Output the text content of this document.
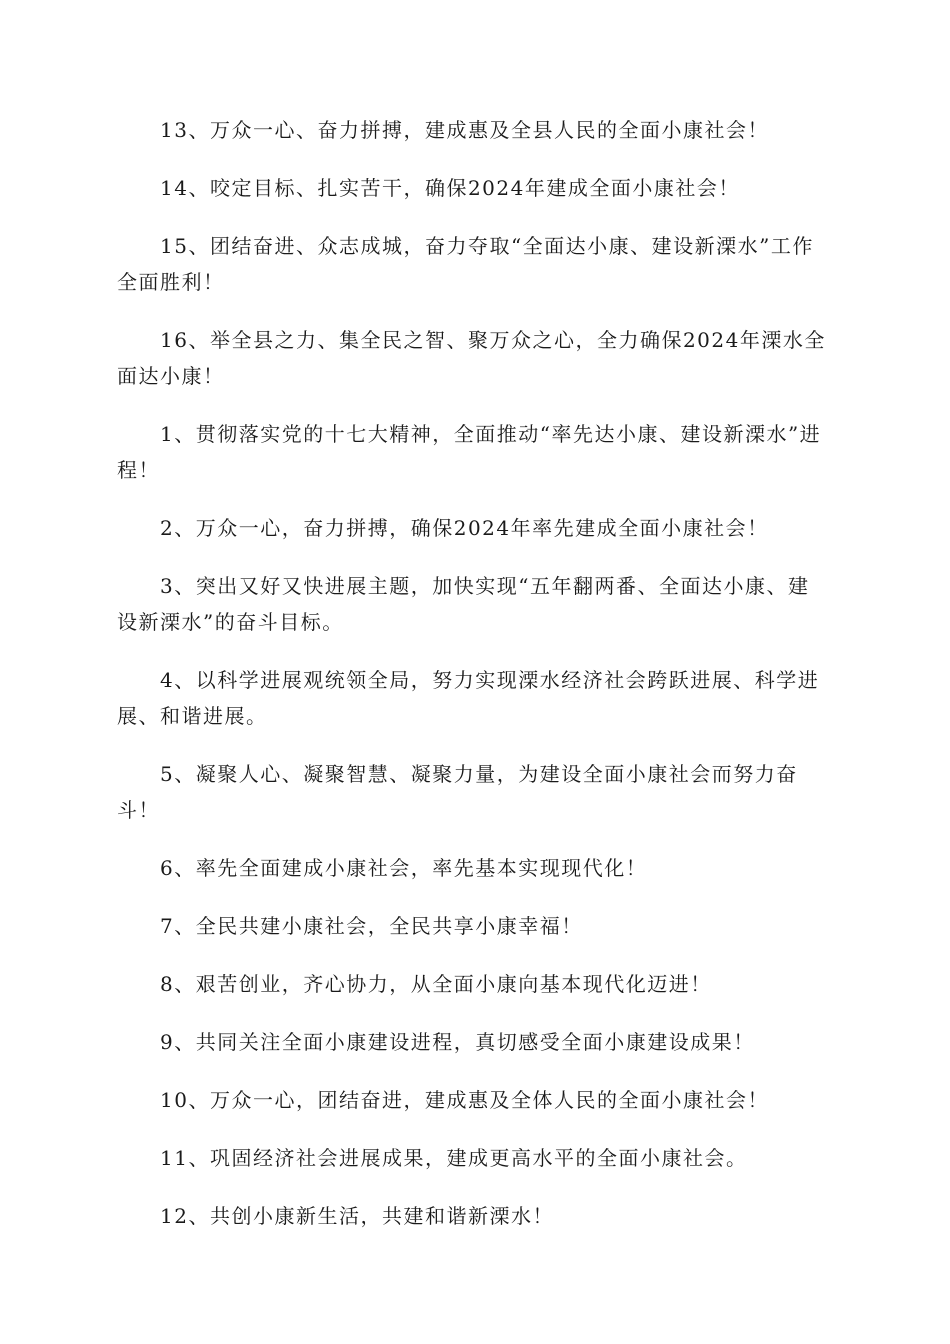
13、万众一心、奋力拼搏，建成惠及全县人民的全面小康社会！

14、咬定目标、扎实苦干，确保2024年建成全面小康社会！

15、团结奋进、众志成城，奋力夺取“全面达小康、建设新溧水”工作全面胜利！

16、举全县之力、集全民之智、聚万众之心，全力确保2024年溧水全面达小康！

1、贯彻落实党的十七大精神，全面推动“率先达小康、建设新溧水”进程！

2、万众一心，奋力拼搏，确保2024年率先建成全面小康社会！

3、突出又好又快进展主题，加快实现“五年翻两番、全面达小康、建设新溧水”的奋斗目标。

4、以科学进展观统领全局，努力实现溧水经济社会跨跃进展、科学进展、和谐进展。

5、凝聚人心、凝聚智慧、凝聚力量，为建设全面小康社会而努力奋斗！

6、率先全面建成小康社会，率先基本实现现代化！

7、全民共建小康社会，全民共享小康幸福！

8、艰苦创业，齐心协力，从全面小康向基本现代化迈进！

9、共同关注全面小康建设进程，真切感受全面小康建设成果！

10、万众一心，团结奋进，建成惠及全体人民的全面小康社会！

11、巩固经济社会进展成果，建成更高水平的全面小康社会。

12、共创小康新生活，共建和谐新溧水！
